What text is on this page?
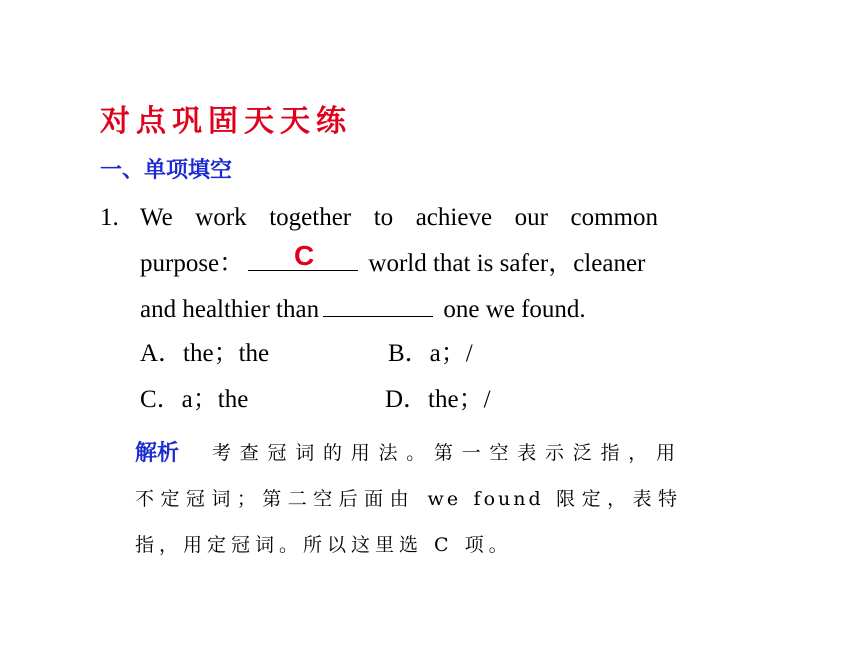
对点巩固天天练
一、单项填空

1. We work together to achieve our common

purpose：	world that is safer，cleaner

and healthier than	one we found.

C

A．the；the	B．a；/

C．a；the	D．the；/

解析 考查冠词的用法。第一空表示泛指，用

不定冠词；第二空后面由 we found 限定，表特

指，用定冠词。所以这里选 C 项。
